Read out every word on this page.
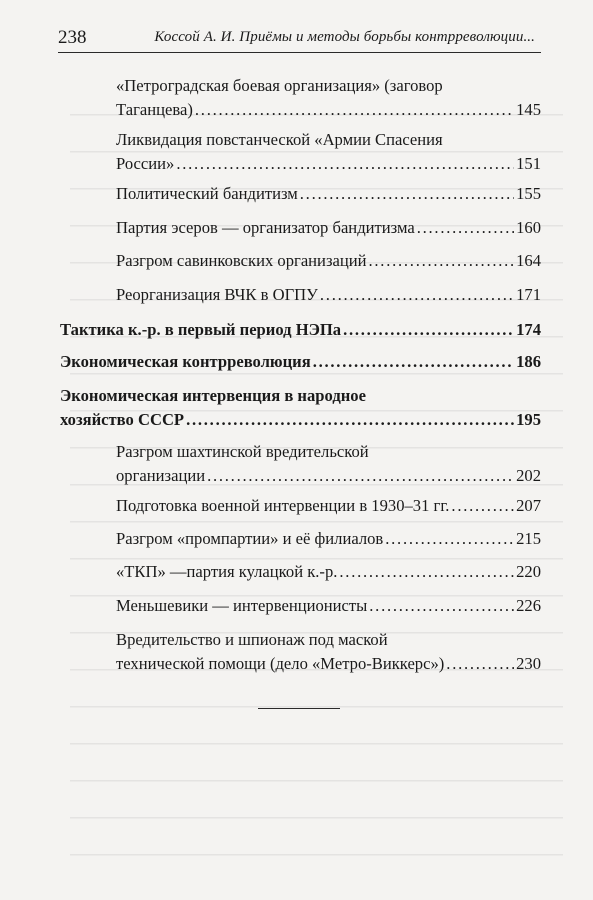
238	Коссой А. И. Приёмы и методы борьбы контрреволюции...
«Петроградская боевая организация» (заговор
Таганцева) . . .	145
Ликвидация повстанческой «Армии Спасения
России» . . .	151
Политический бандитизм . . .	155
Партия эсеров — организатор бандитизма . . .	160
Разгром савинковских организаций . . .	164
Реорганизация ВЧК в ОГПУ . . .	171
Тактика к.-р. в первый период НЭПа . . .	174
Экономическая контрреволюция . . .	186
Экономическая интервенция в народное
хозяйство СССР . . .	195
Разгром шахтинской вредительской
организации . . .	202
Подготовка военной интервенции в 1930–31 гг. . . .	207
Разгром «промпартии» и её филиалов . . .	215
«ТКП» —партия кулацкой к.-р. . . .	220
Меньшевики — интервенционисты . . .	226
Вредительство и шпионаж под маской
технической помощи (дело «Метро-Виккерс») . . .	230
